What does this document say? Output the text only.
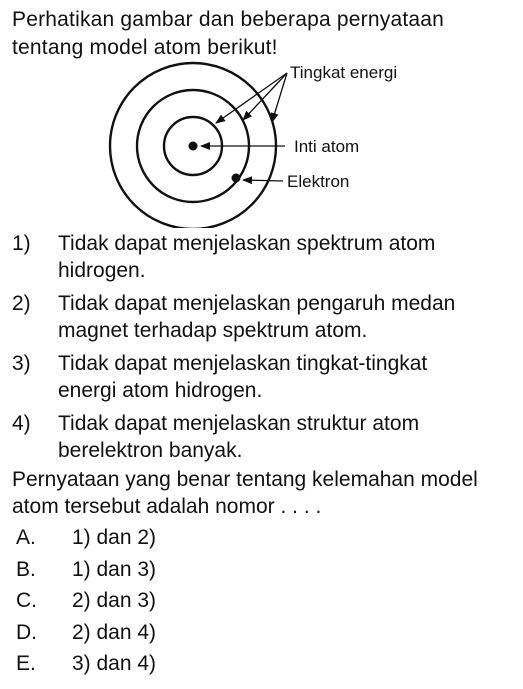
Perhatikan gambar dan beberapa pernyataan
tentang model atom berikut!
Tingkat energi
Inti atom
Elektron
1) Tidak dapat menjelaskan spektrum atom
hidrogen.
2) Tidak dapat menjelaskan pengaruh medan
magnet terhadap spektrum atom.
3) Tidak dapat menjelaskan tingkat-tingkat
energi atom hidrogen.
4) Tidak dapat menjelaskan struktur atom
berelektron banyak.
Pernyataan yang benar tentang kelemahan model
atom tersebut adalah nomor . . . .
A. 1) dan 2)
B. 1) dan 3)
C. 2) dan 3)
D. 2) dan 4)
E. 3) dan 4)
